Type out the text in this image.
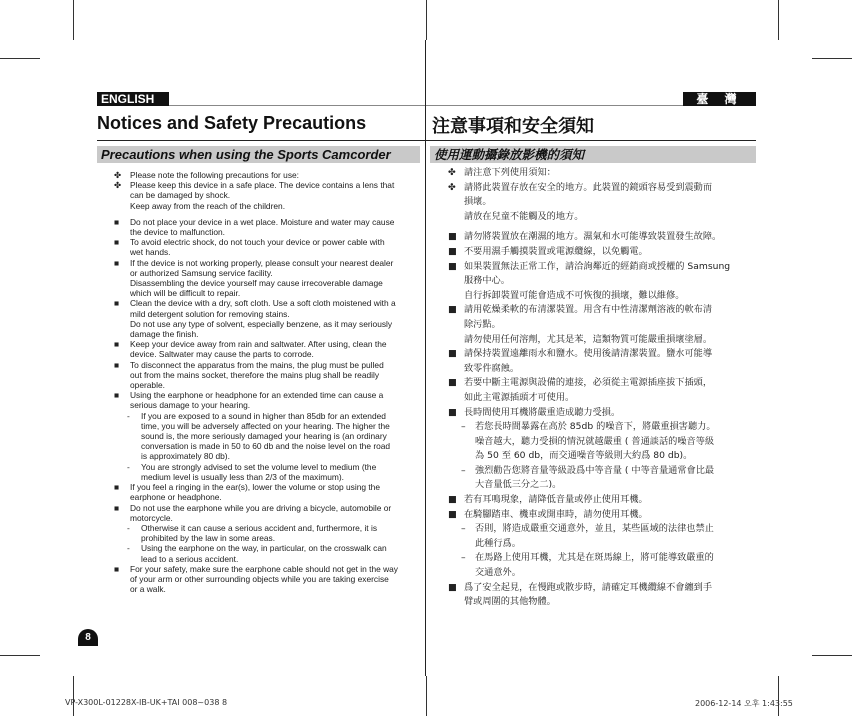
ENGLISH	臺 灣
Notices and Safety Precautions	注意事項和安全須知
Precautions when using the Sports Camcorder	使用運動攝錄放影機的須知
✤	Please note the following precautions for use:
✤	Please keep this device in a safe place. The device contains a lens that
can be damaged by shock.
Keep away from the reach of the children.
■	Do not place your device in a wet place. Moisture and water may cause
the device to malfunction.
■	To avoid electric shock, do not touch your device or power cable with
wet hands.
■	If the device is not working properly, please consult your nearest dealer
or authorized Samsung service facility.
Disassembling the device yourself may cause irrecoverable damage
which will be difficult to repair.
■	Clean the device with a dry, soft cloth. Use a soft cloth moistened with a
mild detergent solution for removing stains.
Do not use any type of solvent, especially benzene, as it may seriously
damage the finish.
■	Keep your device away from rain and saltwater. After using, clean the
device. Saltwater may cause the parts to corrode.
■	To disconnect the apparatus from the mains, the plug must be pulled
out from the mains socket, therefore the mains plug shall be readily
operable.
■	Using the earphone or headphone for an extended time can cause a
serious damage to your hearing.
-	If you are exposed to a sound in higher than 85db for an extended
time, you will be adversely affected on your hearing. The higher the
sound is, the more seriously damaged your hearing is (an ordinary
conversation is made in 50 to 60 db and the noise level on the road
is approximately 80 db).
-	You are strongly advised to set the volume level to medium (the
medium level is usually less than 2/3 of the maximum).
■	If you feel a ringing in the ear(s), lower the volume or stop using the
earphone or headphone.
■	Do not use the earphone while you are driving a bicycle, automobile or
motorcycle.
-	Otherwise it can cause a serious accident and, furthermore, it is
prohibited by the law in some areas.
-	Using the earphone on the way, in particular, on the crosswalk can
lead to a serious accident.
■	For your safety, make sure the earphone cable should not get in the way
of your arm or other surrounding objects while you are taking exercise
or a walk.
✤ 請注意下列使用須知：
✤ 請將此裝置存放在安全的地方。此裝置的鏡頭容易受到震動而
損壞。
請放在兒童不能觸及的地方。
■ 請勿將裝置放在潮濕的地方。濕氣和水可能導致裝置發生故障。
■ 不要用濕手觸摸裝置或電源纜線，以免觸電。
■ 如果裝置無法正常工作，請洽詢鄰近的經銷商或授權的 Samsung
服務中心。
自行拆卸裝置可能會造成不可恢復的損壞，難以維修。
■ 請用乾燥柔軟的布清潔裝置。用含有中性清潔劑溶液的軟布清
除污點。
請勿使用任何溶劑，尤其是苯，這類物質可能嚴重損壞塗層。
■ 請保持裝置遠離雨水和鹽水。使用後請清潔裝置。鹽水可能導
致零件腐蝕。
■ 若要中斷主電源與設備的連接，必須從主電源插座拔下插頭，
如此主電源插頭才可使用。
■ 長時間使用耳機將嚴重造成聽力受損。
–	若您長時間暴露在高於 85db 的噪音下，將嚴重損害聽力。
噪音越大，聽力受損的情況就越嚴重 ( 普通談話的噪音等級
為 50 至 60 db，而交通噪音等級則大約爲 80 db)。
–	強烈勸告您將音量等級設爲中等音量 ( 中等音量通常會比最
大音量低三分之二)。
■ 若有耳鳴現象，請降低音量或停止使用耳機。
■ 在騎腳踏車、機車或開車時，請勿使用耳機。
–	否則，將造成嚴重交通意外，並且，某些區域的法律也禁止
此種行爲。
–	在馬路上使用耳機，尤其是在斑馬線上，將可能導致嚴重的
交通意外。
■ 爲了安全起見，在慢跑或散步時，請確定耳機纜線不會纏到手
臂或周圍的其他物體。
8
VP-X300L-01228X-IB-UK+TAI 008~038 8	2006-12-14 오후 1:43:55
